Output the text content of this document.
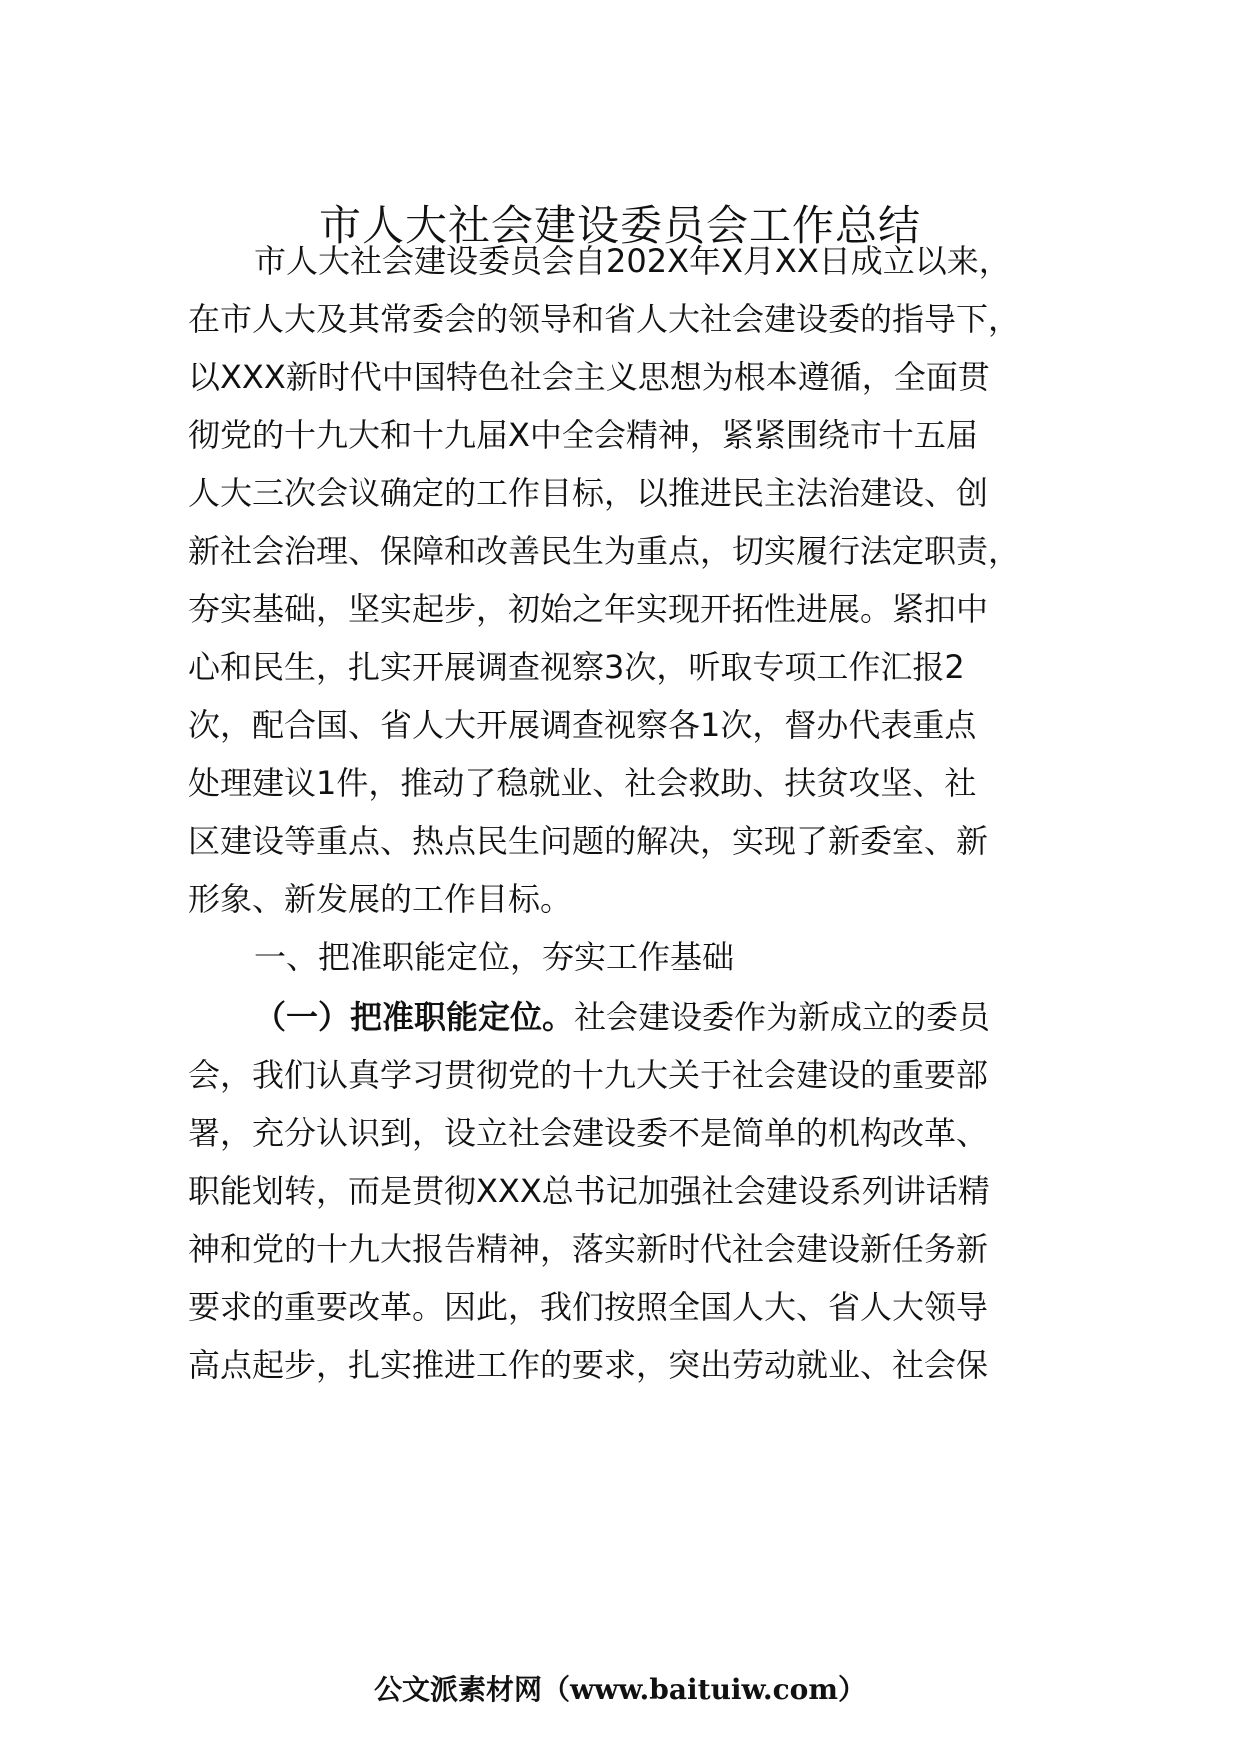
市人大社会建设委员会工作总结
市人大社会建设委员会自202X年X月XX日成立以来，
在市人大及其常委会的领导和省人大社会建设委的指导下，
以XXX新时代中国特色社会主义思想为根本遵循，全面贯
彻党的十九大和十九届X中全会精神，紧紧围绕市十五届
人大三次会议确定的工作目标，以推进民主法治建设、创
新社会治理、保障和改善民生为重点，切实履行法定职责，
夯实基础，坚实起步，初始之年实现开拓性进展。紧扣中
心和民生，扎实开展调查视察3次，听取专项工作汇报2
次，配合国、省人大开展调查视察各1次，督办代表重点
处理建议1件，推动了稳就业、社会救助、扶贫攻坚、社
区建设等重点、热点民生问题的解决，实现了新委室、新
形象、新发展的工作目标。
一、把准职能定位，夯实工作基础
（一）把准职能定位。社会建设委作为新成立的委员
会，我们认真学习贯彻党的十九大关于社会建设的重要部
署，充分认识到，设立社会建设委不是简单的机构改革、
职能划转，而是贯彻XXX总书记加强社会建设系列讲话精
神和党的十九大报告精神，落实新时代社会建设新任务新
要求的重要改革。因此，我们按照全国人大、省人大领导
高点起步，扎实推进工作的要求，突出劳动就业、社会保
公文派素材网（www.baituiw.com）
